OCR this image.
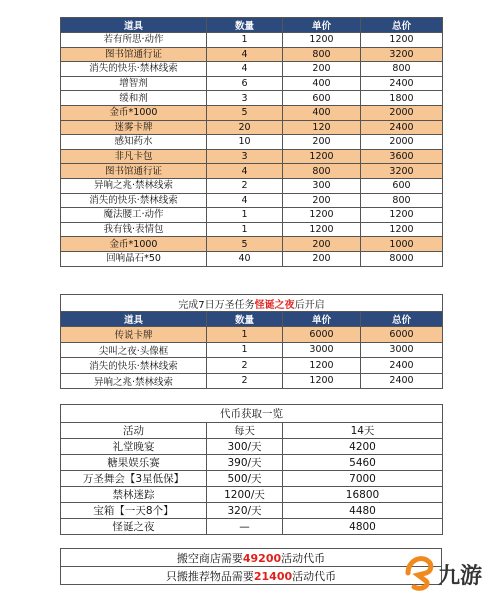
道具	数量	单价	总价
若有所思·动作	1	1200	1200
图书馆通行证	4	800	3200
消失的快乐·禁林线索	4	200	800
增智剂	6	400	2400
缓和剂	3	600	1800
金币*1000	5	400	2000
迷雾卡牌	20	120	2400
感知药水	10	200	2000
非凡卡包	3	1200	3600
图书馆通行证	4	800	3200
异响之兆·禁林线索	2	300	600
消失的快乐·禁林线索	4	200	800
魔法腰工·动作	1	1200	1200
我有钱·表情包	1	1200	1200
金币*1000	5	200	1000
回响晶石*50	40	200	8000
完成7日万圣任务怪诞之夜后开启			
道具	数量	单价	总价
传说卡牌	1	6000	6000
尖叫之夜·头像框	1	3000	3000
消失的快乐·禁林线索	2	1200	2400
异响之兆·禁林线索	2	1200	2400
代币获取一览		
活动	每天	14天
礼堂晚宴	300/天	4200
糖果娱乐赛	390/天	5460
万圣舞会【3星低保】	500/天	7000
禁林迷踪	1200/天	16800
宝箱【一天8个】	320/天	4480
怪诞之夜	—	4800
搬空商店需要49200活动代币
只搬推荐物品需要21400活动代币	九游
